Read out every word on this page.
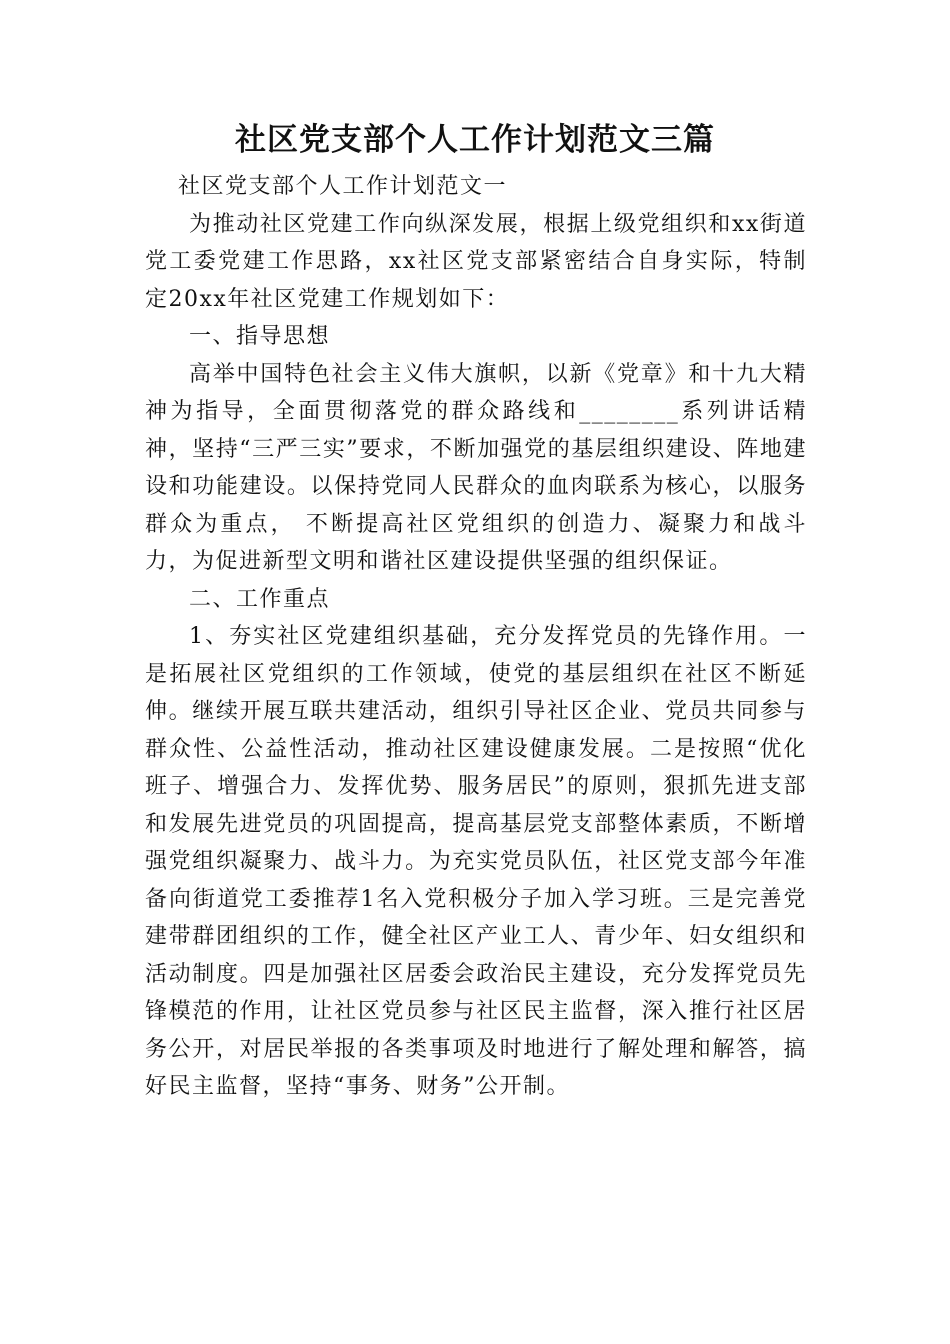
社区党支部个人工作计划范文三篇

社区党支部个人工作计划范文一

为推动社区党建工作向纵深发展，根据上级党组织和xx街道党工委党建工作思路，xx社区党支部紧密结合自身实际，特制定20xx年社区党建工作规划如下：

一、指导思想

高举中国特色社会主义伟大旗帜，以新《党章》和十九大精神为指导，全面贯彻落党的群众路线和________系列讲话精神，坚持“三严三实”要求，不断加强党的基层组织建设、阵地建设和功能建设。以保持党同人民群众的血肉联系为核心，以服务群众为重点， 不断提高社区党组织的创造力、凝聚力和战斗力，为促进新型文明和谐社区建设提供坚强的组织保证。

二、工作重点

1、夯实社区党建组织基础，充分发挥党员的先锋作用。一是拓展社区党组织的工作领域，使党的基层组织在社区不断延伸。继续开展互联共建活动，组织引导社区企业、党员共同参与群众性、公益性活动，推动社区建设健康发展。二是按照“优化班子、增强合力、发挥优势、服务居民”的原则，狠抓先进支部和发展先进党员的巩固提高，提高基层党支部整体素质，不断增强党组织凝聚力、战斗力。为充实党员队伍，社区党支部今年准备向街道党工委推荐1名入党积极分子加入学习班。三是完善党建带群团组织的工作，健全社区产业工人、青少年、妇女组织和活动制度。四是加强社区居委会政治民主建设，充分发挥党员先锋模范的作用，让社区党员参与社区民主监督，深入推行社区居务公开，对居民举报的各类事项及时地进行了解处理和解答，搞好民主监督，坚持“事务、财务”公开制。
